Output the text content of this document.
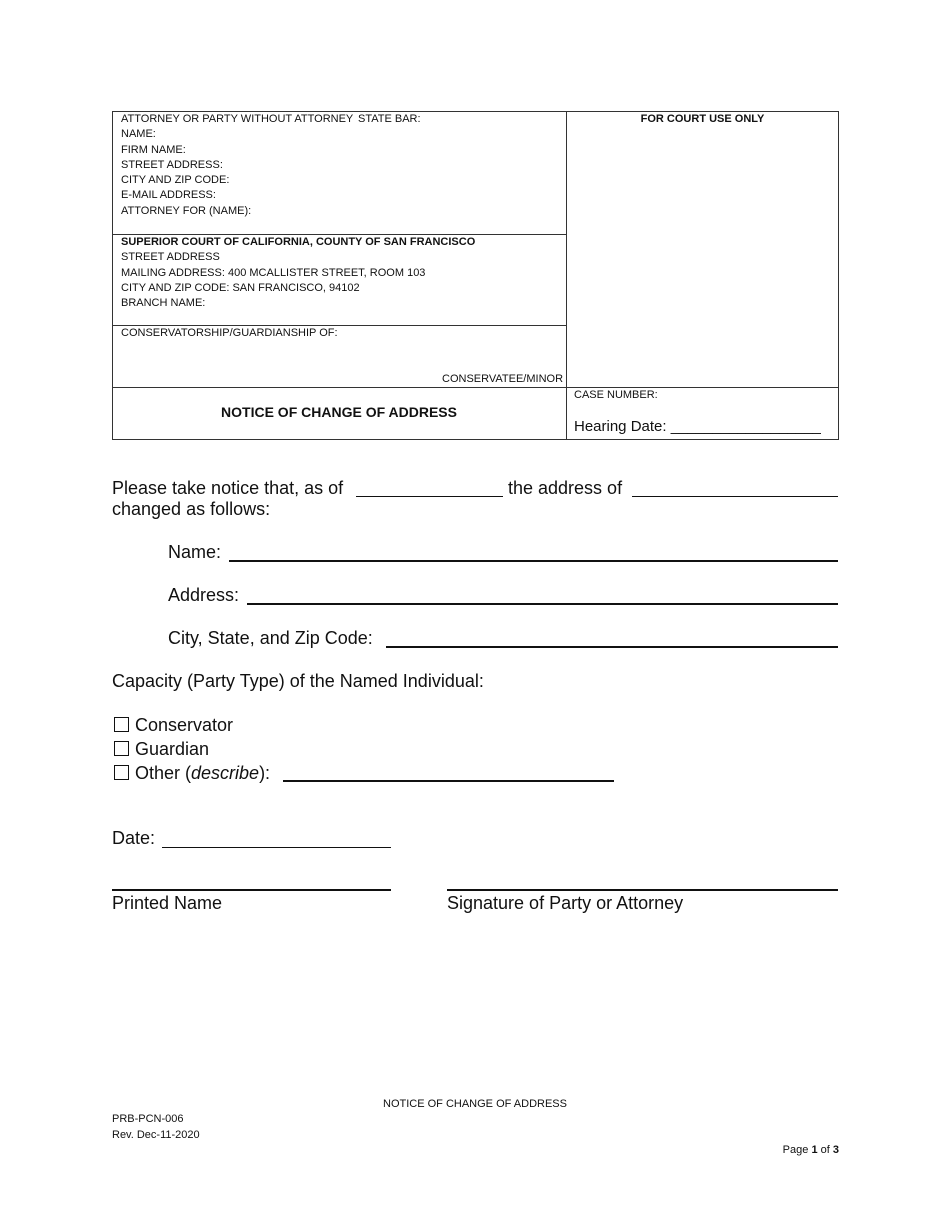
ATTORNEY OR PARTY WITHOUT ATTORNEY
NAME:
FIRM NAME:
STREET ADDRESS:
CITY AND ZIP CODE:
E-MAIL ADDRESS:
ATTORNEY FOR (NAME):
STATE BAR:	FOR COURT USE ONLY
SUPERIOR COURT OF CALIFORNIA, COUNTY OF SAN FRANCISCO
STREET ADDRESS
MAILING ADDRESS: 400 MCALLISTER STREET, ROOM 103
CITY AND ZIP CODE: SAN FRANCISCO, 94102
BRANCH NAME:
CONSERVATORSHIP/GUARDIANSHIP OF:
CONSERVATEE/MINOR
NOTICE OF CHANGE OF ADDRESS
CASE NUMBER:
Hearing Date: __________________
Please take notice that, as of	the address of
changed as follows:
Name:
Address:
City, State, and Zip Code:
Capacity (Party Type) of the Named Individual:
Conservator
Guardian
Other (describe):
Date:
Printed Name	Signature of Party or Attorney
NOTICE OF CHANGE OF ADDRESS
PRB-PCN-006
Rev. Dec-11-2020
Page 1 of 3
